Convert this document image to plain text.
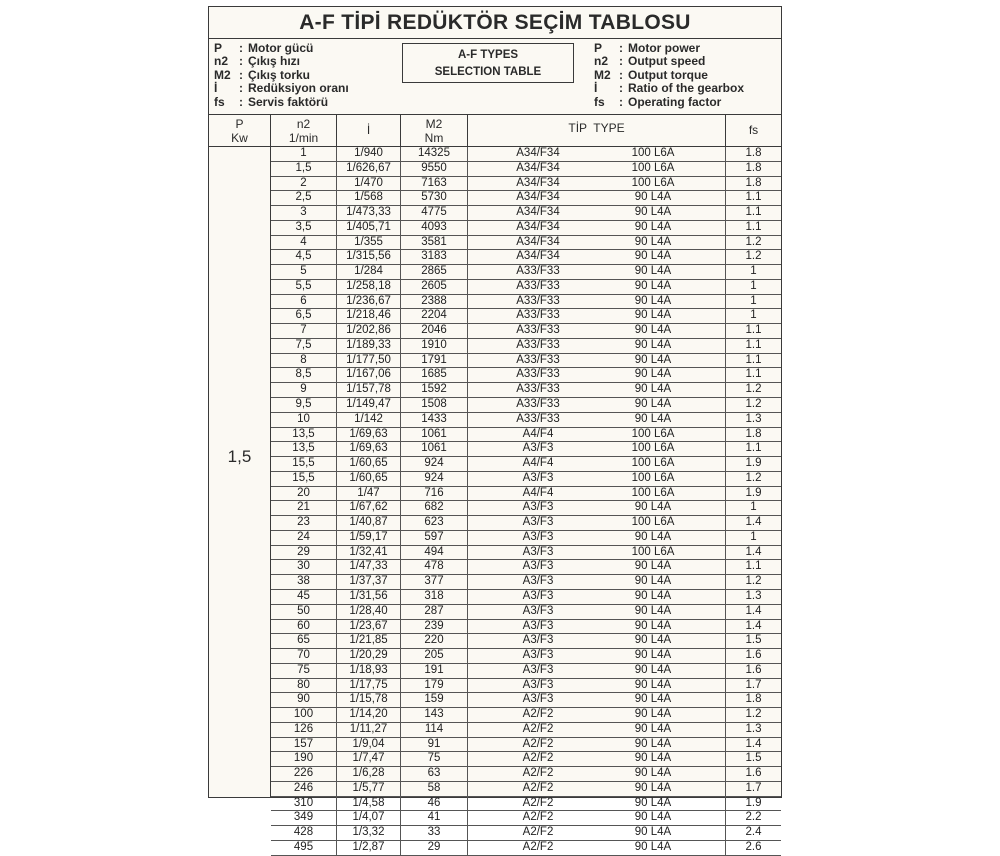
A-F TİPİ REDÜKTÖR SEÇİM TABLOSU
P : Motor gücü
n2 : Çıkış hızı
M2 : Çıkış torku
İ : Redüksiyon oranı
fs : Servis faktörü
A-F TYPES
SELECTION TABLE
P : Motor power
n2 : Output speed
M2 : Output torque
İ : Ratio of the gearbox
fs : Operating factor
P
Kw
n2
1/min
İ	M2
Nm
TİP  TYPE	fs
1,5
1	1/940	14325	A34/F34	100 L6A	1.8
1,5	1/626,67	9550	A34/F34	100 L6A	1.8
2	1/470	7163	A34/F34	100 L6A	1.8
2,5	1/568	5730	A34/F34	90 L4A	1.1
3	1/473,33	4775	A34/F34	90 L4A	1.1
3,5	1/405,71	4093	A34/F34	90 L4A	1.1
4	1/355	3581	A34/F34	90 L4A	1.2
4,5	1/315,56	3183	A34/F34	90 L4A	1.2
5	1/284	2865	A33/F33	90 L4A	1
5,5	1/258,18	2605	A33/F33	90 L4A	1
6	1/236,67	2388	A33/F33	90 L4A	1
6,5	1/218,46	2204	A33/F33	90 L4A	1
7	1/202,86	2046	A33/F33	90 L4A	1.1
7,5	1/189,33	1910	A33/F33	90 L4A	1.1
8	1/177,50	1791	A33/F33	90 L4A	1.1
8,5	1/167,06	1685	A33/F33	90 L4A	1.1
9	1/157,78	1592	A33/F33	90 L4A	1.2
9,5	1/149,47	1508	A33/F33	90 L4A	1.2
10	1/142	1433	A33/F33	90 L4A	1.3
13,5	1/69,63	1061	A4/F4	100 L6A	1.8
13,5	1/69,63	1061	A3/F3	100 L6A	1.1
15,5	1/60,65	924	A4/F4	100 L6A	1.9
15,5	1/60,65	924	A3/F3	100 L6A	1.2
20	1/47	716	A4/F4	100 L6A	1.9
21	1/67,62	682	A3/F3	90 L4A	1
23	1/40,87	623	A3/F3	100 L6A	1.4
24	1/59,17	597	A3/F3	90 L4A	1
29	1/32,41	494	A3/F3	100 L6A	1.4
30	1/47,33	478	A3/F3	90 L4A	1.1
38	1/37,37	377	A3/F3	90 L4A	1.2
45	1/31,56	318	A3/F3	90 L4A	1.3
50	1/28,40	287	A3/F3	90 L4A	1.4
60	1/23,67	239	A3/F3	90 L4A	1.4
65	1/21,85	220	A3/F3	90 L4A	1.5
70	1/20,29	205	A3/F3	90 L4A	1.6
75	1/18,93	191	A3/F3	90 L4A	1.6
80	1/17,75	179	A3/F3	90 L4A	1.7
90	1/15,78	159	A3/F3	90 L4A	1.8
100	1/14,20	143	A2/F2	90 L4A	1.2
126	1/11,27	114	A2/F2	90 L4A	1.3
157	1/9,04	91	A2/F2	90 L4A	1.4
190	1/7,47	75	A2/F2	90 L4A	1.5
226	1/6,28	63	A2/F2	90 L4A	1.6
246	1/5,77	58	A2/F2	90 L4A	1.7
310	1/4,58	46	A2/F2	90 L4A	1.9
349	1/4,07	41	A2/F2	90 L4A	2.2
428	1/3,32	33	A2/F2	90 L4A	2.4
495	1/2,87	29	A2/F2	90 L4A	2.6
